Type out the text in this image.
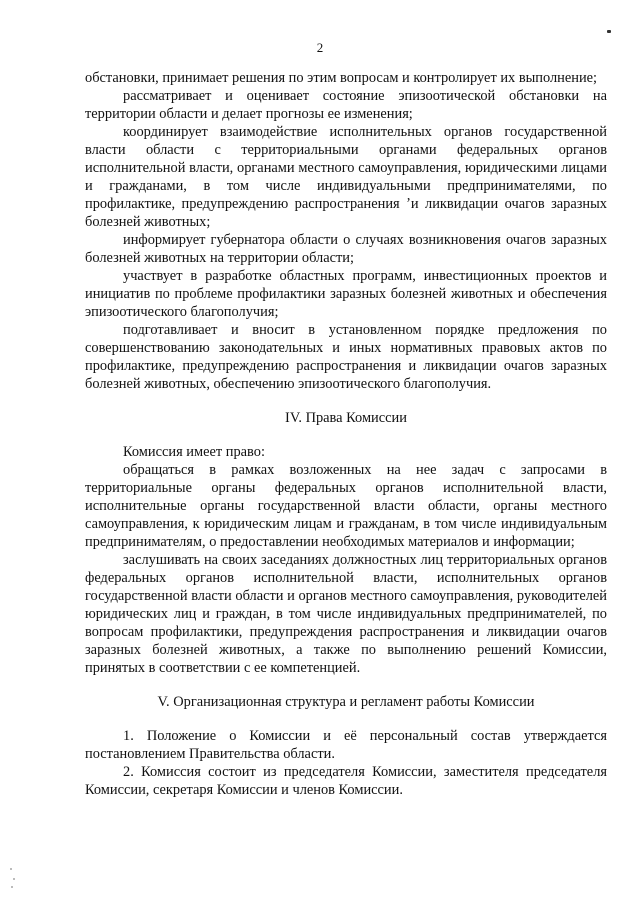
2

обстановки, принимает решения по этим вопросам и контролирует их выполнение;

рассматривает и оценивает состояние эпизоотической обстановки на территории области и делает прогнозы ее изменения;

координирует взаимодействие исполнительных органов государственной власти области с территориальными органами федеральных органов исполнительной власти, органами местного самоуправления, юридическими лицами и гражданами, в том числе индивидуальными предпринимателями, по профилактике, предупреждению распространения ⁠ʼи ликвидации очагов заразных болезней животных;

информирует губернатора области о случаях возникновения очагов заразных болезней животных на территории области;

участвует в разработке областных программ, инвестиционных проектов и инициатив по проблеме профилактики заразных болезней животных и обеспечения эпизоотического благополучия;

подготавливает и вносит в установленном порядке предложения по совершенствованию законодательных и иных нормативных правовых актов по профилактике, предупреждению распространения и ликвидации очагов заразных болезней животных, обеспечению эпизоотического благополучия.

IV. Права Комиссии

Комиссия имеет право:

обращаться в рамках возложенных на нее задач с запросами в территориальные органы федеральных органов исполнительной власти, исполнительные органы государственной власти области, органы местного самоуправления, к юридическим лицам и гражданам, в том числе индивидуальным предпринимателям, о предоставлении необходимых материалов и информации;

заслушивать на своих заседаниях должностных лиц территориальных органов федеральных органов исполнительной власти, исполнительных органов государственной власти области и органов местного самоуправления, руководителей юридических лиц и граждан, в том числе индивидуальных предпринимателей, по вопросам профилактики, предупреждения распространения и ликвидации очагов заразных болезней животных, а также по выполнению решений Комиссии, принятых в соответствии с ее компетенцией.

V. Организационная структура и регламент работы Комиссии

1. Положение о Комиссии и её персональный состав утверждается постановлением Правительства области.

2. Комиссия состоит из председателя Комиссии, заместителя председателя Комиссии, секретаря Комиссии и членов Комиссии.
